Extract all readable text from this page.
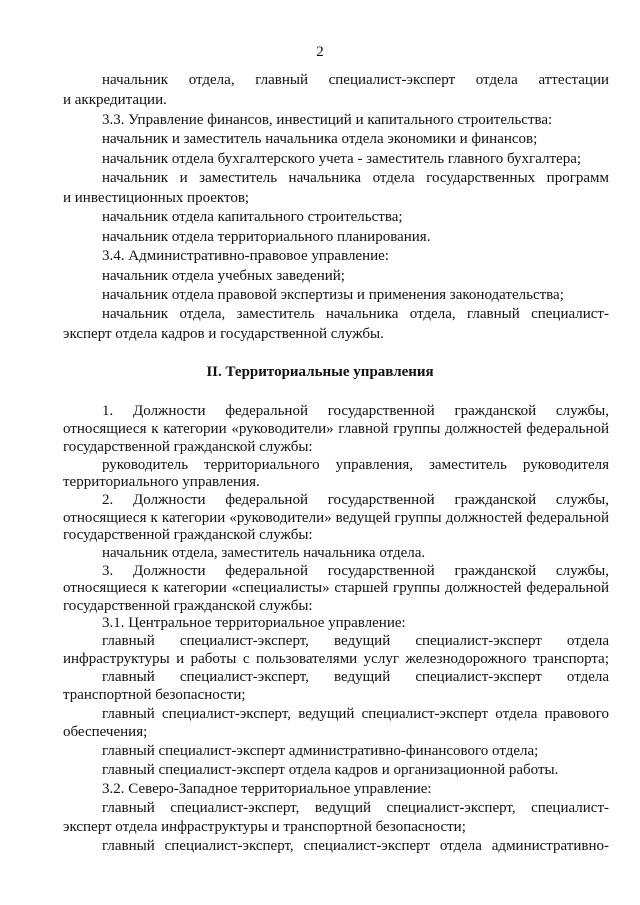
2
начальник отдела, главный специалист-эксперт отдела аттестации
и аккредитации.
3.3. Управление финансов, инвестиций и капитального строительства:
начальник и заместитель начальника отдела экономики и финансов;
начальник отдела бухгалтерского учета - заместитель главного бухгалтера;
начальник и заместитель начальника отдела государственных программ
и инвестиционных проектов;
начальник отдела капитального строительства;
начальник отдела территориального планирования.
3.4. Административно-правовое управление:
начальник отдела учебных заведений;
начальник отдела правовой экспертизы и применения законодательства;
начальник отдела, заместитель начальника отдела, главный специалист-
эксперт отдела кадров и государственной службы.
II. Территориальные управления
1. Должности федеральной государственной гражданской службы,
относящиеся к категории «руководители» главной группы должностей федеральной
государственной гражданской службы:
руководитель территориального управления, заместитель руководителя
территориального управления.
2. Должности федеральной государственной гражданской службы,
относящиеся к категории «руководители» ведущей группы должностей федеральной
государственной гражданской службы:
начальник отдела, заместитель начальника отдела.
3. Должности федеральной государственной гражданской службы,
относящиеся к категории «специалисты» старшей группы должностей федеральной
государственной гражданской службы:
3.1. Центральное территориальное управление:
главный специалист-эксперт, ведущий специалист-эксперт отдела
инфраструктуры и работы с пользователями услуг железнодорожного транспорта;
главный специалист-эксперт, ведущий специалист-эксперт отдела
транспортной безопасности;
главный специалист-эксперт, ведущий специалист-эксперт отдела правового
обеспечения;
главный специалист-эксперт административно-финансового отдела;
главный специалист-эксперт отдела кадров и организационной работы.
3.2. Северо-Западное территориальное управление:
главный специалист-эксперт, ведущий специалист-эксперт, специалист-
эксперт отдела инфраструктуры и транспортной безопасности;
главный специалист-эксперт, специалист-эксперт отдела административно-
